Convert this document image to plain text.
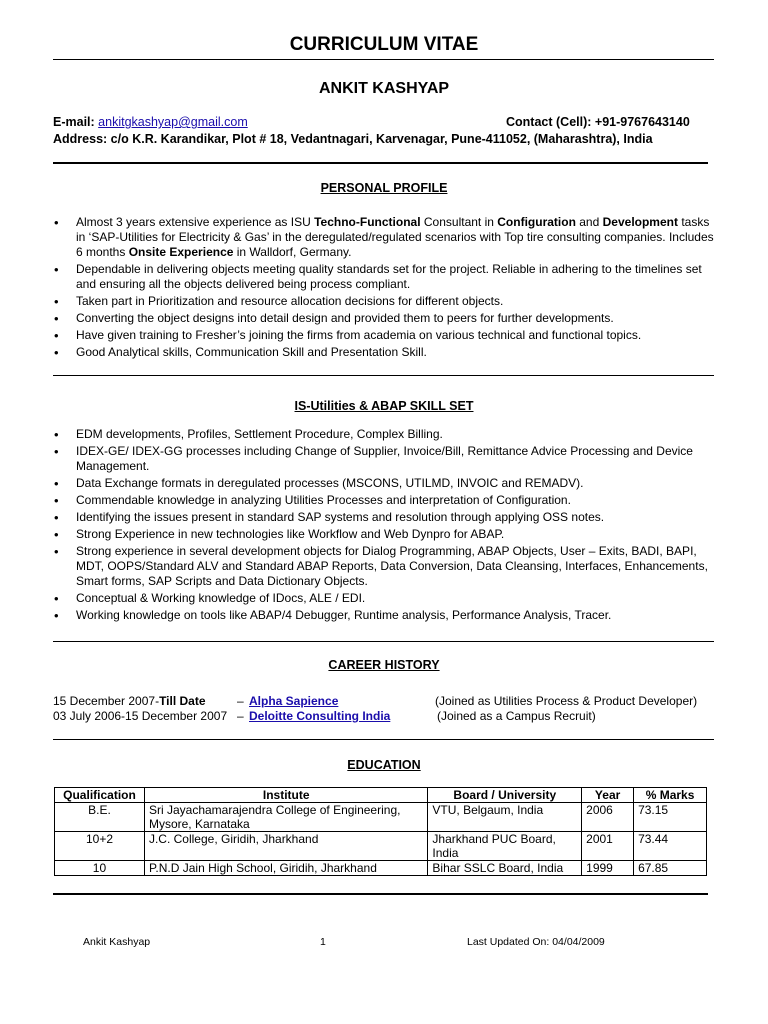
CURRICULUM VITAE
ANKIT KASHYAP
E-mail: ankitgkashyap@gmail.com	Contact (Cell): +91-9767643140
Address: c/o K.R. Karandikar, Plot # 18, Vedantnagari, Karvenagar, Pune-411052, (Maharashtra), India
PERSONAL PROFILE
• Almost 3 years extensive experience as ISU Techno-Functional Consultant in Configuration and Development tasks in ‘SAP-Utilities for Electricity & Gas’ in the deregulated/regulated scenarios with Top tire consulting companies. Includes 6 months Onsite Experience in Walldorf, Germany.
• Dependable in delivering objects meeting quality standards set for the project. Reliable in adhering to the timelines set and ensuring all the objects delivered being process compliant.
• Taken part in Prioritization and resource allocation decisions for different objects.
• Converting the object designs into detail design and provided them to peers for further developments.
• Have given training to Fresher’s joining the firms from academia on various technical and functional topics.
• Good Analytical skills, Communication Skill and Presentation Skill.
IS-Utilities & ABAP SKILL SET
• EDM developments, Profiles, Settlement Procedure, Complex Billing.
• IDEX-GE/ IDEX-GG processes including Change of Supplier, Invoice/Bill, Remittance Advice Processing and Device Management.
• Data Exchange formats in deregulated processes (MSCONS, UTILMD, INVOIC and REMADV).
• Commendable knowledge in analyzing Utilities Processes and interpretation of Configuration.
• Identifying the issues present in standard SAP systems and resolution through applying OSS notes.
• Strong Experience in new technologies like Workflow and Web Dynpro for ABAP.
• Strong experience in several development objects for Dialog Programming, ABAP Objects, User – Exits, BADI, BAPI, MDT, OOPS/Standard ALV and Standard ABAP Reports, Data Conversion, Data Cleansing, Interfaces, Enhancements, Smart forms, SAP Scripts and Data Dictionary Objects.
• Conceptual & Working knowledge of IDocs, ALE / EDI.
• Working knowledge on tools like ABAP/4 Debugger, Runtime analysis, Performance Analysis, Tracer.
CAREER HISTORY
15 December 2007-Till Date	– Alpha Sapience	(Joined as Utilities Process & Product Developer)
03 July 2006-15 December 2007 – Deloitte Consulting India	(Joined as a Campus Recruit)
EDUCATION
Qualification	Institute	Board / University	Year	% Marks
B.E.	Sri Jayachamarajendra College of Engineering, Mysore, Karnataka	VTU, Belgaum, India	2006	73.15
10+2	J.C. College, Giridih, Jharkhand	Jharkhand PUC Board, India	2001	73.44
10	P.N.D Jain High School, Giridih, Jharkhand	Bihar SSLC Board, India	1999	67.85
Ankit Kashyap	1	Last Updated On: 04/04/2009
